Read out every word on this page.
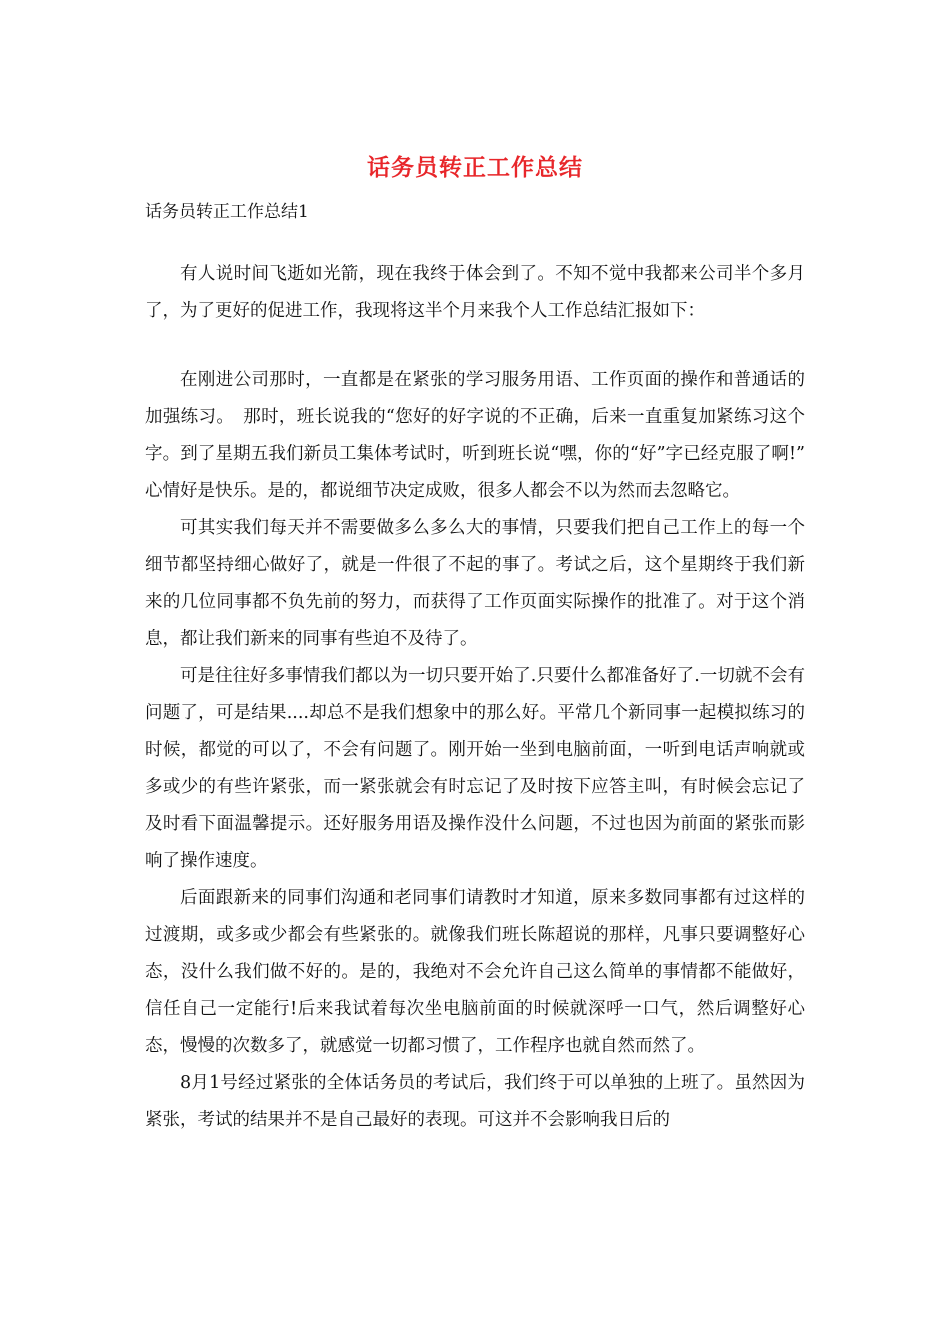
话务员转正工作总结
话务员转正工作总结1

有人说时间飞逝如光箭，现在我终于体会到了。不知不觉中我都来公司半个多月了，为了更好的促进工作，我现将这半个月来我个人工作总结汇报如下：

在刚进公司那时，一直都是在紧张的学习服务用语、工作页面的操作和普通话的加强练习。　那时，班长说我的“您好的好字说的不正确，后来一直重复加紧练习这个字。到了星期五我们新员工集体考试时，听到班长说“嘿，你的“好”字已经克服了啊!”　心情好是快乐。是的，都说细节决定成败，很多人都会不以为然而去忽略它。

可其实我们每天并不需要做多么多么大的事情，只要我们把自己工作上的每一个细节都坚持细心做好了，就是一件很了不起的事了。考试之后，这个星期终于我们新来的几位同事都不负先前的努力，而获得了工作页面实际操作的批准了。对于这个消息，都让我们新来的同事有些迫不及待了。

可是往往好多事情我们都以为一切只要开始了.只要什么都准备好了.一切就不会有问题了，可是结果....却总不是我们想象中的那么好。平常几个新同事一起模拟练习的时候，都觉的可以了，不会有问题了。刚开始一坐到电脑前面，一听到电话声响就或多或少的有些许紧张，而一紧张就会有时忘记了及时按下应答主叫，有时候会忘记了及时看下面温馨提示。还好服务用语及操作没什么问题，不过也因为前面的紧张而影响了操作速度。

后面跟新来的同事们沟通和老同事们请教时才知道，原来多数同事都有过这样的过渡期，或多或少都会有些紧张的。就像我们班长陈超说的那样，凡事只要调整好心态，没什么我们做不好的。是的，我绝对不会允许自己这么简单的事情都不能做好，信任自己一定能行!后来我试着每次坐电脑前面的时候就深呼一口气，然后调整好心态，慢慢的次数多了，就感觉一切都习惯了，工作程序也就自然而然了。

8月1号经过紧张的全体话务员的考试后，我们终于可以单独的上班了。虽然因为紧张，考试的结果并不是自己最好的表现。可这并不会影响我日后的
